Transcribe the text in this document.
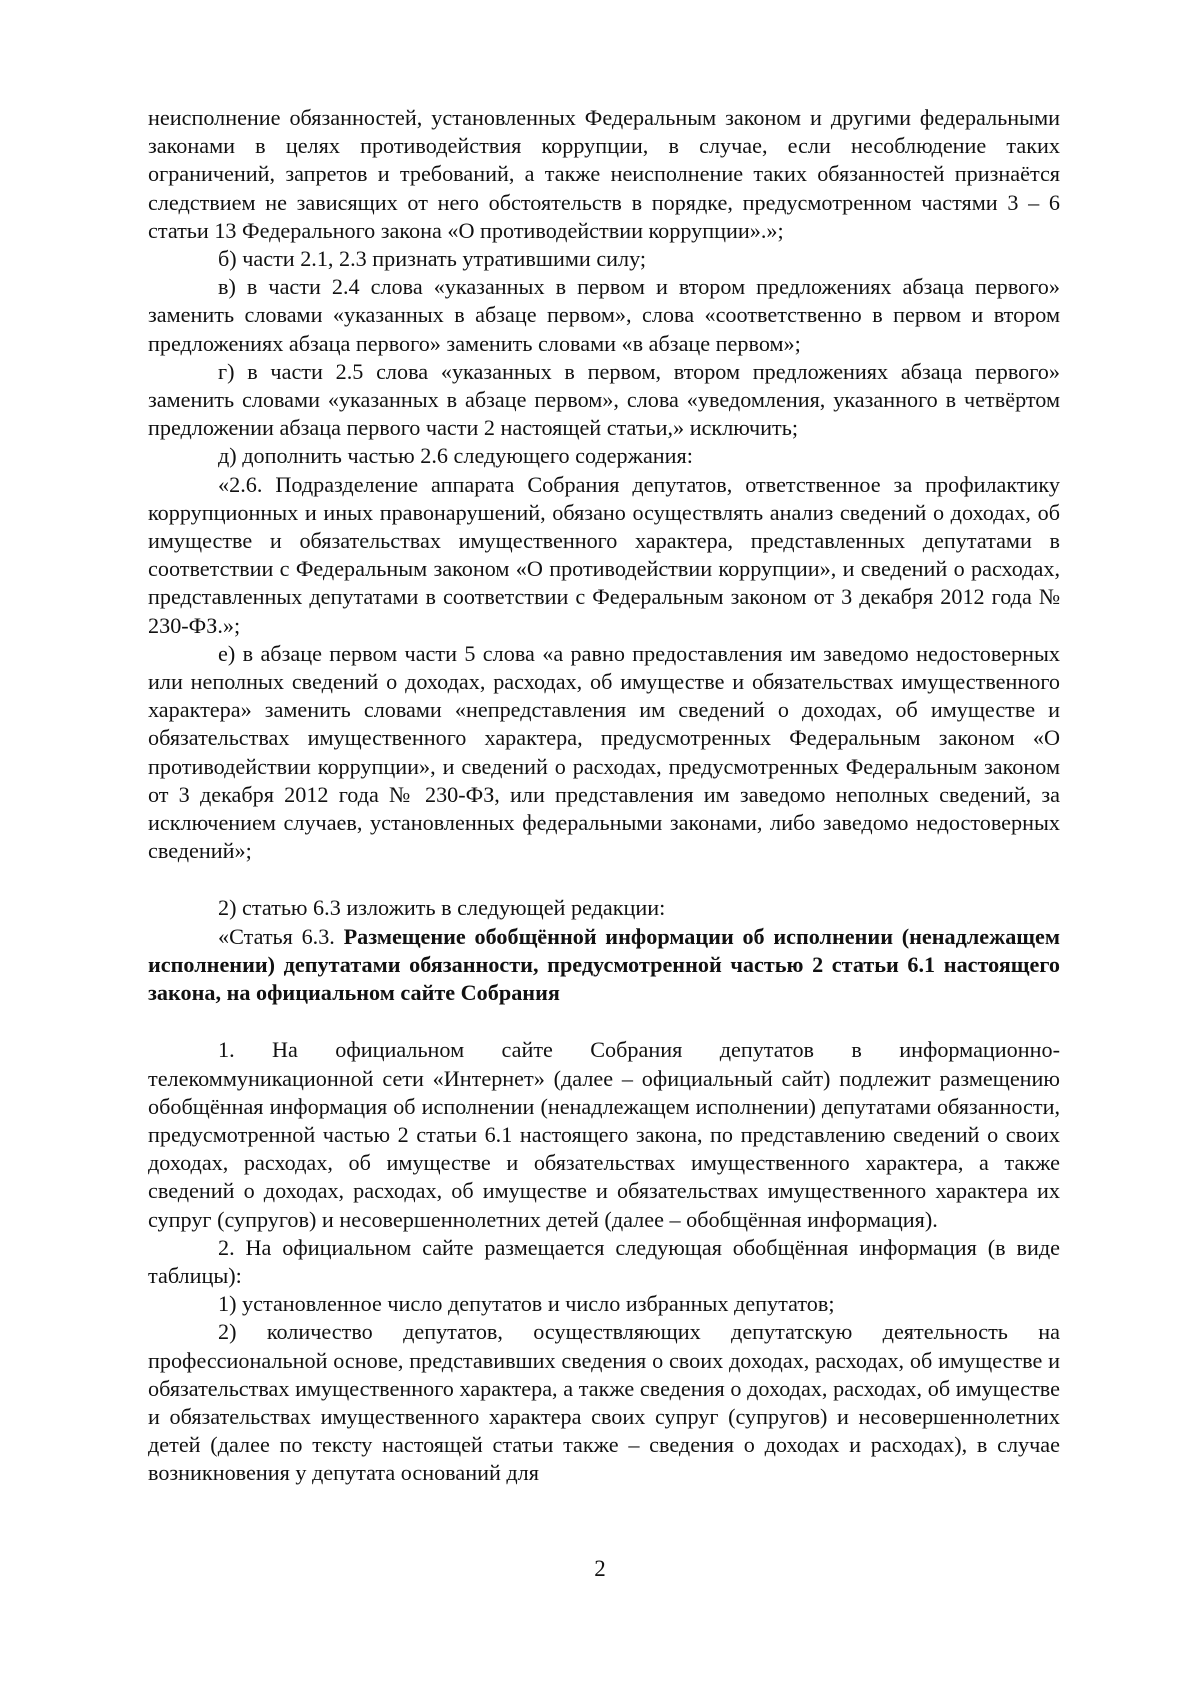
неисполнение обязанностей, установленных Федеральным законом и другими федеральными законами в целях противодействия коррупции, в случае, если несоблюдение таких ограничений, запретов и требований, а также неисполнение таких обязанностей признаётся следствием не зависящих от него обстоятельств в порядке, предусмотренном частями 3 – 6 статьи 13 Федерального закона «О противодействии коррупции».»;

б) части 2.1, 2.3 признать утратившими силу;

в) в части 2.4 слова «указанных в первом и втором предложениях абзаца первого» заменить словами «указанных в абзаце первом», слова «соответственно в первом и втором предложениях абзаца первого» заменить словами «в абзаце первом»;

г) в части 2.5 слова «указанных в первом, втором предложениях абзаца первого» заменить словами «указанных в абзаце первом», слова «уведомления, указанного в четвёртом предложении абзаца первого части 2 настоящей статьи,» исключить;

д) дополнить частью 2.6 следующего содержания:

«2.6. Подразделение аппарата Собрания депутатов, ответственное за профилактику коррупционных и иных правонарушений, обязано осуществлять анализ сведений о доходах, об имуществе и обязательствах имущественного характера, представленных депутатами в соответствии с Федеральным законом «О противодействии коррупции», и сведений о расходах, представленных депутатами в соответствии с Федеральным законом от 3 декабря 2012 года № 230-ФЗ.»;

е) в абзаце первом части 5 слова «а равно предоставления им заведомо недостоверных или неполных сведений о доходах, расходах, об имуществе и обязательствах имущественного характера» заменить словами «непредставления им сведений о доходах, об имуществе и обязательствах имущественного характера, предусмотренных Федеральным законом «О противодействии коррупции», и сведений о расходах, предусмотренных Федеральным законом от 3 декабря 2012 года № 230-ФЗ, или представления им заведомо неполных сведений, за исключением случаев, установленных федеральными законами, либо заведомо недостоверных сведений»;

2) статью 6.3 изложить в следующей редакции:

«Статья 6.3. Размещение обобщённой информации об исполнении (ненадлежащем исполнении) депутатами обязанности, предусмотренной частью 2 статьи 6.1 настоящего закона, на официальном сайте Собрания

1. На официальном сайте Собрания депутатов в информационно-телекоммуникационной сети «Интернет» (далее – официальный сайт) подлежит размещению обобщённая информация об исполнении (ненадлежащем исполнении) депутатами обязанности, предусмотренной частью 2 статьи 6.1 настоящего закона, по представлению сведений о своих доходах, расходах, об имуществе и обязательствах имущественного характера, а также сведений о доходах, расходах, об имуществе и обязательствах имущественного характера их супруг (супругов) и несовершеннолетних детей (далее – обобщённая информация).

2. На официальном сайте размещается следующая обобщённая информация (в виде таблицы):

1) установленное число депутатов и число избранных депутатов;

2) количество депутатов, осуществляющих депутатскую деятельность на профессиональной основе, представивших сведения о своих доходах, расходах, об имуществе и обязательствах имущественного характера, а также сведения о доходах, расходах, об имуществе и обязательствах имущественного характера своих супруг (супругов) и несовершеннолетних детей (далее по тексту настоящей статьи также – сведения о доходах и расходах), в случае возникновения у депутата оснований для

2
